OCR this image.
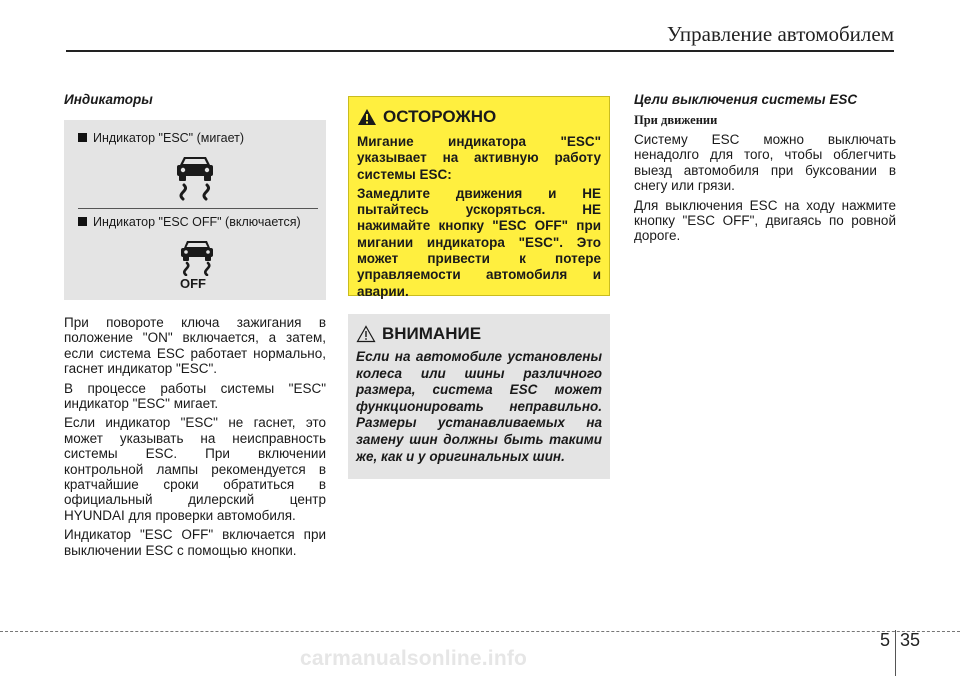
Управление автомобилем
Индикаторы
Индикатор "ESC" (мигает)
Индикатор "ESC OFF" (включается)
OFF

При повороте ключа зажигания в положение "ON" включается, а затем, если система ESC работает нормально, гаснет индикатор "ESC".

В процессе работы системы "ESC" индикатор "ESC" мигает.

Если индикатор "ESC" не гаснет, это может указывать на неисправность системы ESC. При включении контрольной лампы рекомендуется в кратчайшие сроки обратиться в официальный дилерский центр HYUNDAI для проверки автомобиля.

Индикатор "ESC OFF" включается при выключении ESC с помощью кнопки.

ОСТОРОЖНО

Мигание индикатора "ESC" указывает на активную работу системы ESC:

Замедлите движения и НЕ пытайтесь ускоряться. НЕ нажимайте кнопку "ESC OFF" при мигании индикатора "ESC". Это может привести к потере управляемости автомобиля и аварии.

ВНИМАНИЕ

Если на автомобиле установлены колеса или шины различного размера, система ESC может функционировать неправильно. Размеры устанавливаемых на замену шин должны быть такими же, как и у оригинальных шин.

Цели выключения системы ESC
При движении

Систему ESC можно выключать ненадолго для того, чтобы облегчить выезд автомобиля при буксовании в снегу или грязи.

Для выключения ESC на ходу нажмите кнопку "ESC OFF", двигаясь по ровной дороге.

5 35
carmanualsonline.info
